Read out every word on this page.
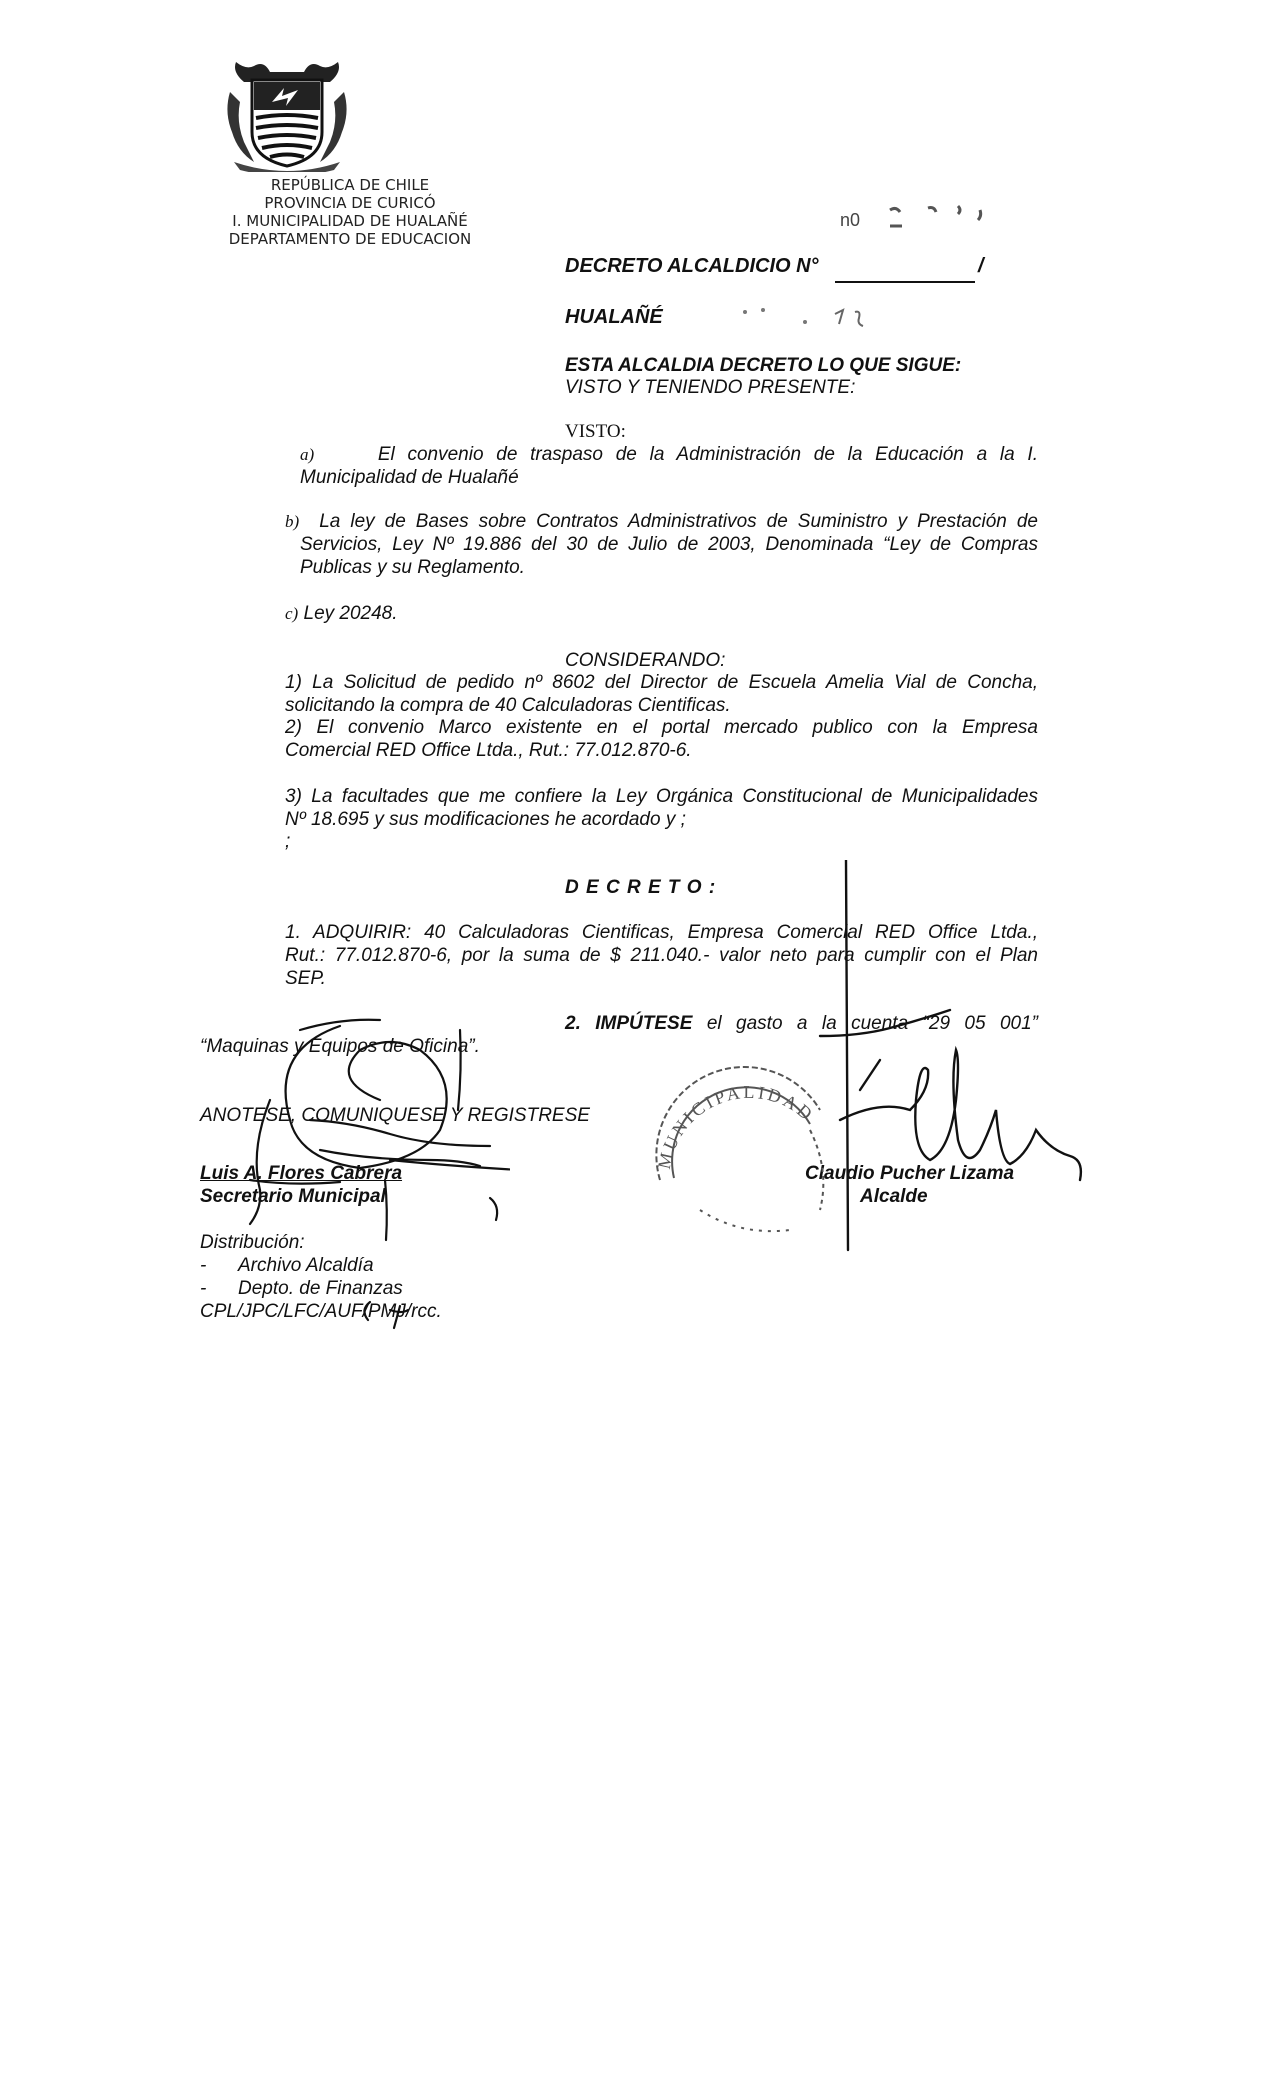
REPÚBLICA DE CHILE
PROVINCIA DE CURICÓ
I. MUNICIPALIDAD DE HUALAÑÉ
DEPARTAMENTO DE EDUCACION
n0
DECRETO ALCALDICIO N°	/
HUALAÑÉ
ESTA ALCALDIA DECRETO LO QUE SIGUE:
VISTO Y TENIENDO PRESENTE:
VISTO:
a)	El convenio de traspaso de la Administración de la Educación a la I.
Municipalidad de Hualañé
b) La ley de Bases sobre Contratos Administrativos de Suministro y Prestación de
Servicios, Ley Nº 19.886 del 30 de Julio de 2003, Denominada “Ley de Compras
Publicas y su Reglamento.
c) Ley 20248.
CONSIDERANDO:
1) La Solicitud de pedido nº 8602 del Director de Escuela Amelia Vial de Concha,
solicitando la compra de 40 Calculadoras Cientificas.
2) El convenio Marco existente en el portal mercado publico con la Empresa
Comercial RED Office Ltda., Rut.: 77.012.870-6.
3) La facultades que me confiere la Ley Orgánica Constitucional de Municipalidades
Nº 18.695 y sus modificaciones he acordado y ;
;
D E C R E T O :
1. ADQUIRIR: 40 Calculadoras Cientificas, Empresa Comercial RED Office Ltda.,
Rut.: 77.012.870-6, por la suma de $ 211.040.- valor neto para cumplir con el Plan
SEP.
2. IMPÚTESE el gasto a la cuenta “29 05 001”
“Maquinas y Equipos de Oficina”.
ANOTESE, COMUNIQUESE Y REGISTRESE
Luis A. Flores Cabrera
Secretario Municipal
Claudio Pucher Lizama
Alcalde
Distribución:
-      Archivo Alcaldía
-      Depto. de Finanzas
CPL/JPC/LFC/AUF/PMJ/rcc.
MUNICIPALIDAD
